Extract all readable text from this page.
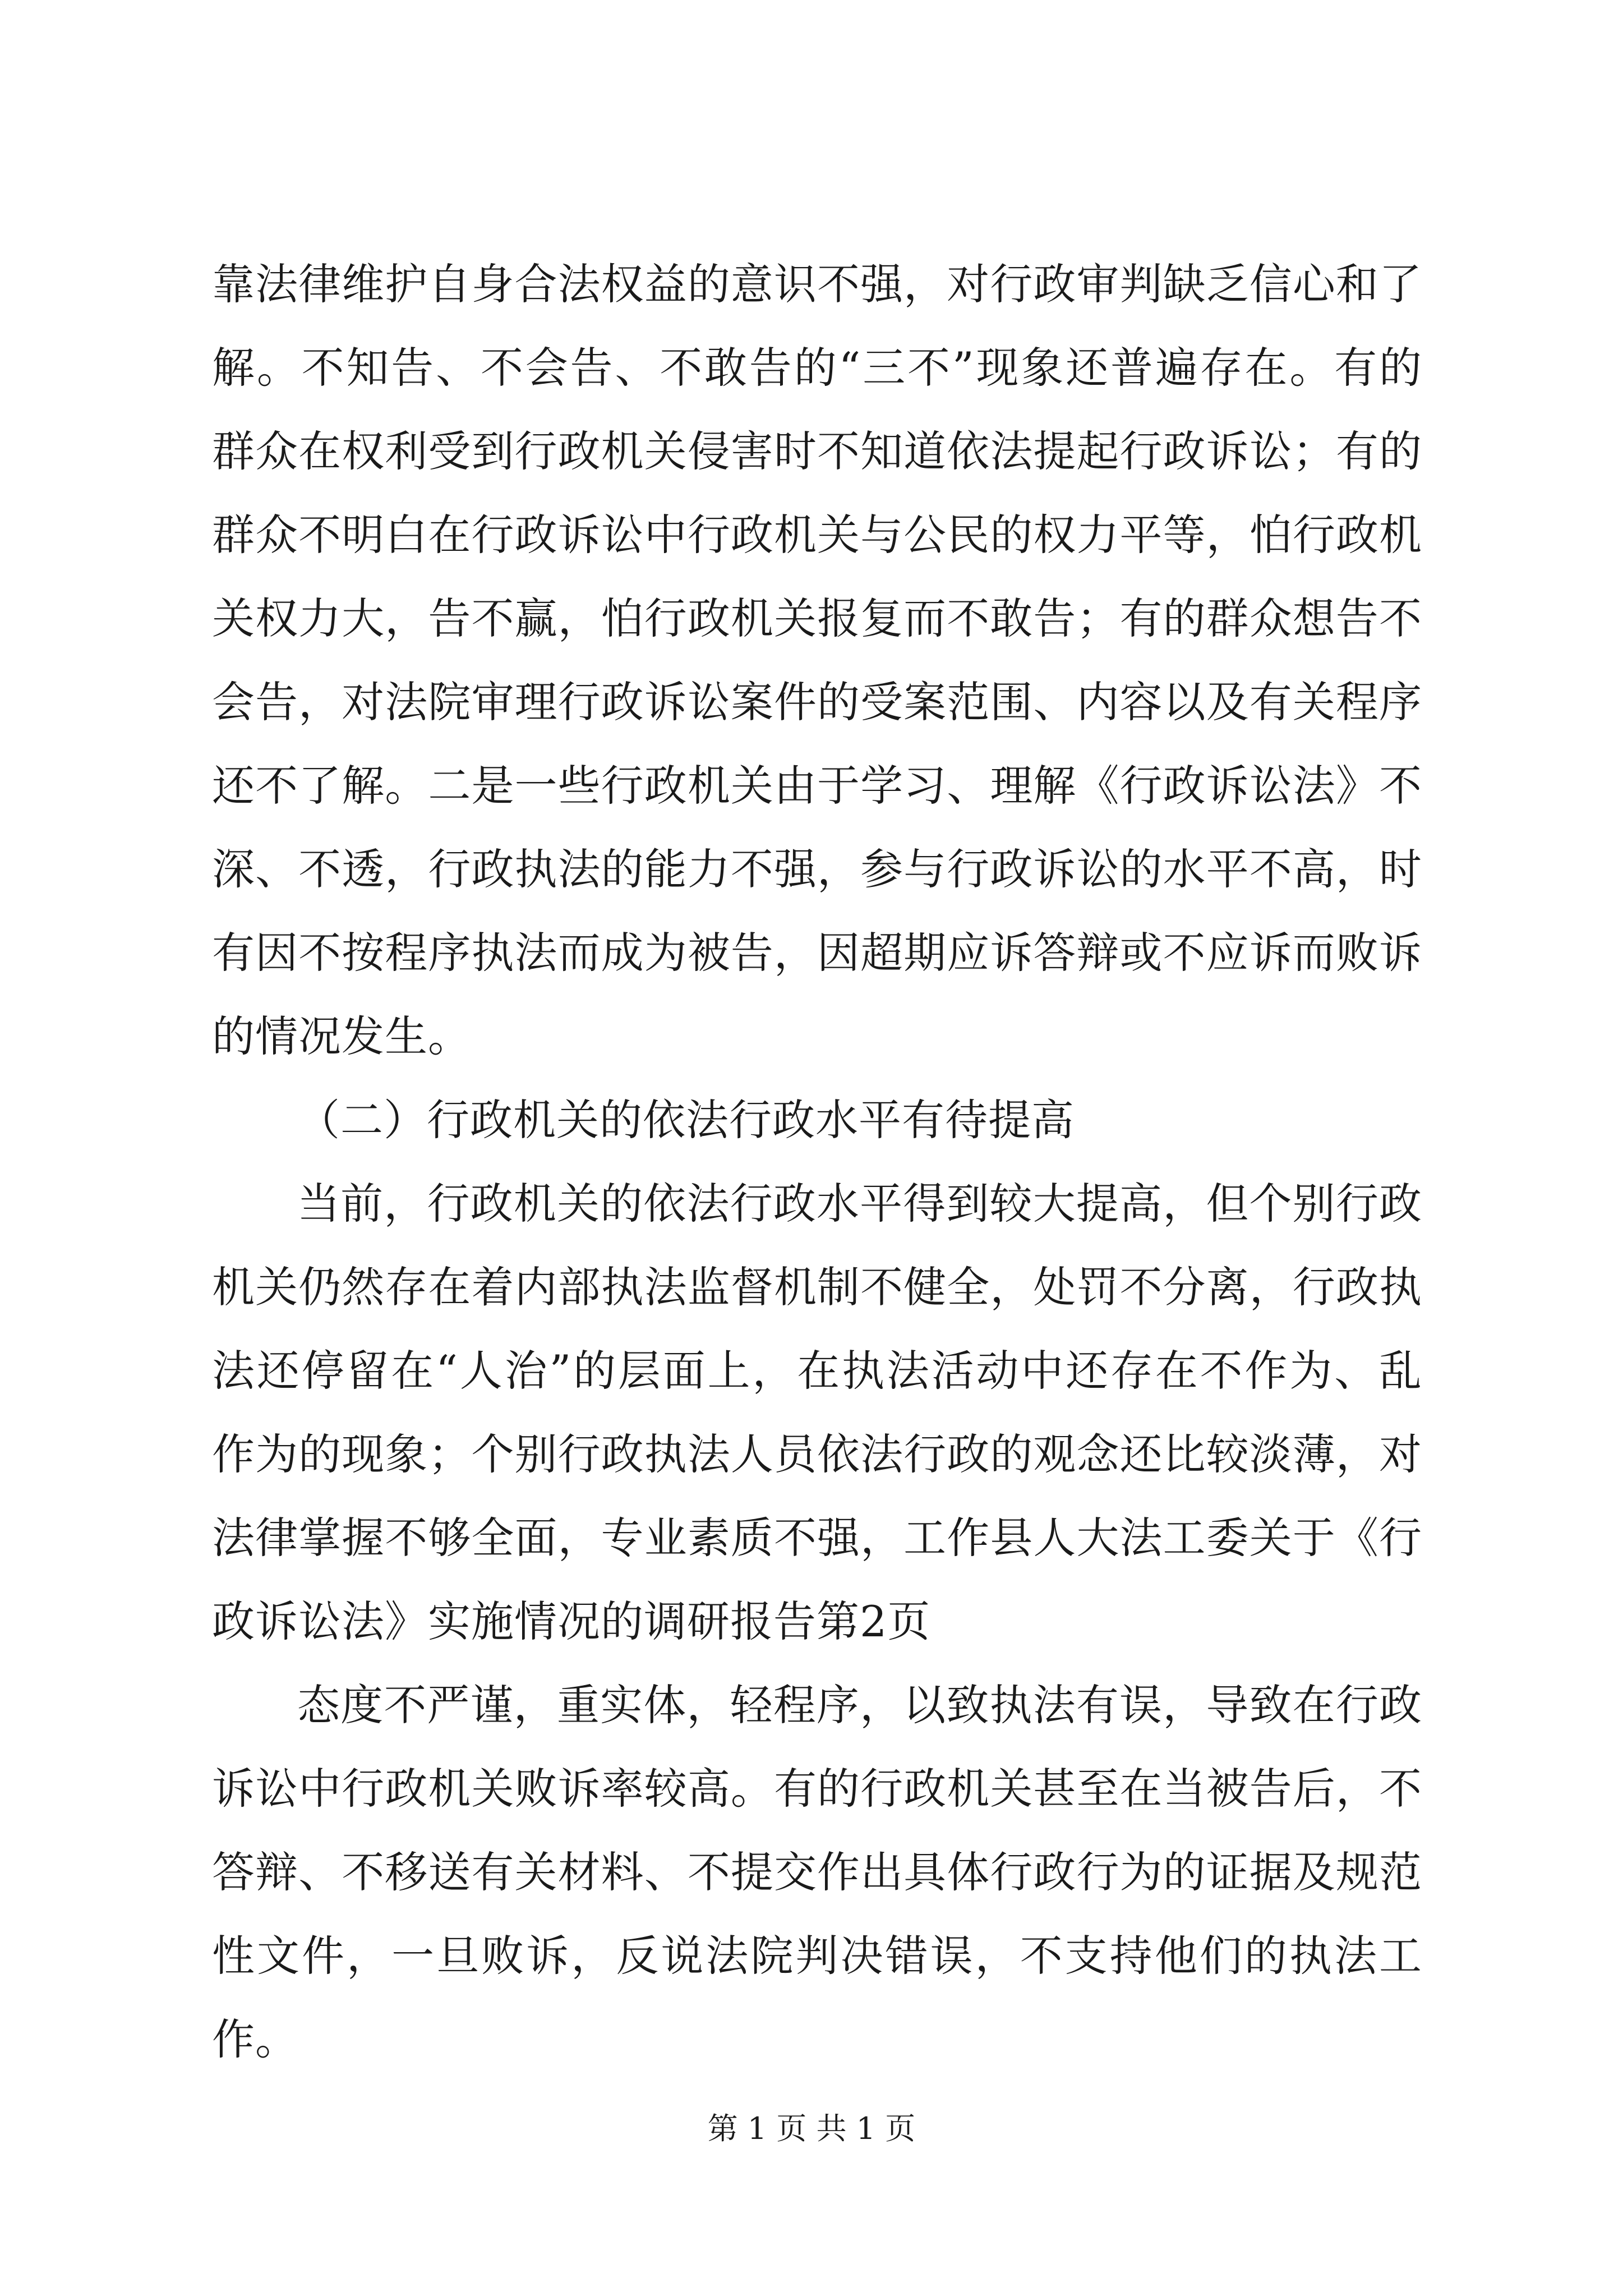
靠法律维护自身合法权益的意识不强，对行政审判缺乏信心和了解。不知告、不会告、不敢告的“三不”现象还普遍存在。有的群众在权利受到行政机关侵害时不知道依法提起行政诉讼；有的群众不明白在行政诉讼中行政机关与公民的权力平等，怕行政机关权力大，告不赢，怕行政机关报复而不敢告；有的群众想告不会告，对法院审理行政诉讼案件的受案范围、内容以及有关程序还不了解。二是一些行政机关由于学习、理解《行政诉讼法》不深、不透，行政执法的能力不强，参与行政诉讼的水平不高，时有因不按程序执法而成为被告，因超期应诉答辩或不应诉而败诉的情况发生。

（二）行政机关的依法行政水平有待提高

当前，行政机关的依法行政水平得到较大提高，但个别行政机关仍然存在着内部执法监督机制不健全，处罚不分离，行政执法还停留在“人治”的层面上，在执法活动中还存在不作为、乱作为的现象；个别行政执法人员依法行政的观念还比较淡薄，对法律掌握不够全面，专业素质不强，工作县人大法工委关于《行政诉讼法》实施情况的调研报告第2页

态度不严谨，重实体，轻程序，以致执法有误，导致在行政诉讼中行政机关败诉率较高。有的行政机关甚至在当被告后，不答辩、不移送有关材料、不提交作出具体行政行为的证据及规范性文件，一旦败诉，反说法院判决错误，不支持他们的执法工作。

第 1 页 共 1 页
